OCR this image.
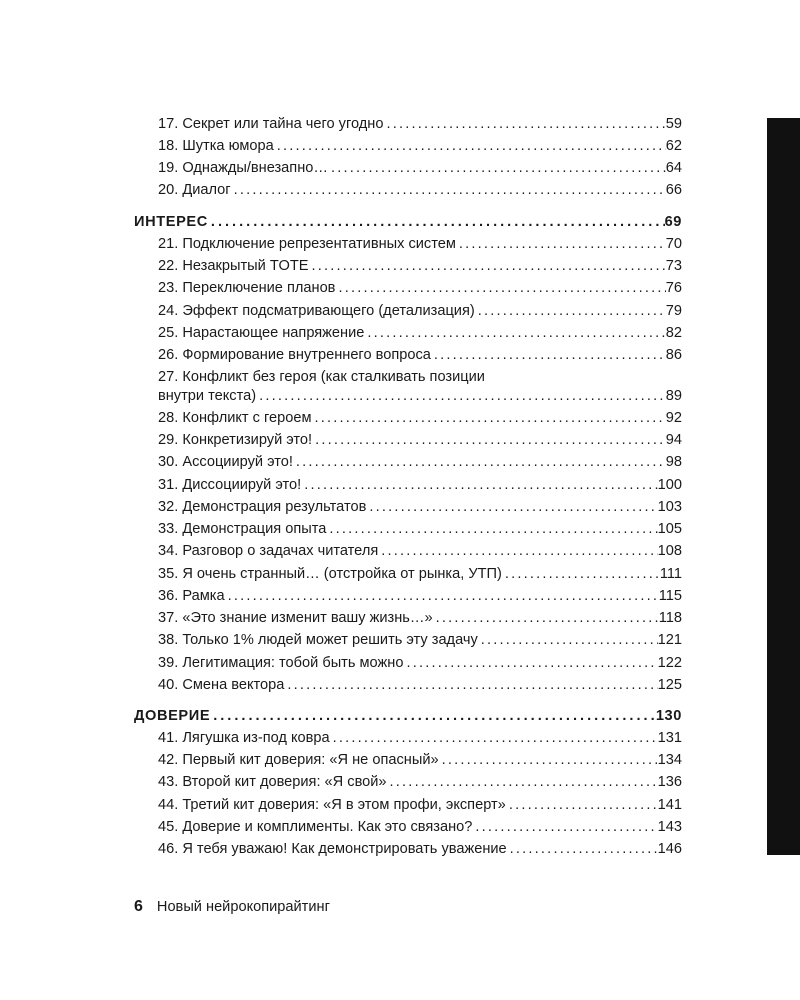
17. Секрет или тайна чего угодно .....	59
18. Шутка юмора .....	62
19. Однажды/внезапно… .....	64
20. Диалог .....	66
ИНТЕРЕС .....	69
21. Подключение репрезентативных систем .....	70
22. Незакрытый TOTE .....	73
23. Переключение планов .....	76
24. Эффект подсматривающего (детализация) .....	79
25. Нарастающее напряжение .....	82
26. Формирование внутреннего вопроса .....	86
27. Конфликт без героя (как сталкивать позиции
внутри текста) .....	89
28. Конфликт с героем .....	92
29. Конкретизируй это! .....	94
30. Ассоциируй это! .....	98
31. Диссоциируй это! .....	100
32. Демонстрация результатов .....	103
33. Демонстрация опыта .....	105
34. Разговор о задачах читателя .....	108
35. Я очень странный… (отстройка от рынка, УТП) .....	111
36. Рамка .....	115
37. «Это знание изменит вашу жизнь…» .....	118
38. Только 1% людей может решить эту задачу .....	121
39. Легитимация: тобой быть можно .....	122
40. Смена вектора .....	125
ДОВЕРИЕ .....	130
41. Лягушка из-под ковра .....	131
42. Первый кит доверия: «Я не опасный» .....	134
43. Второй кит доверия: «Я свой» .....	136
44. Третий кит доверия: «Я в этом профи, эксперт» .....	141
45. Доверие и комплименты. Как это связано? .....	143
46. Я тебя уважаю! Как демонстрировать уважение .....	146
6 Новый нейрокопирайтинг
